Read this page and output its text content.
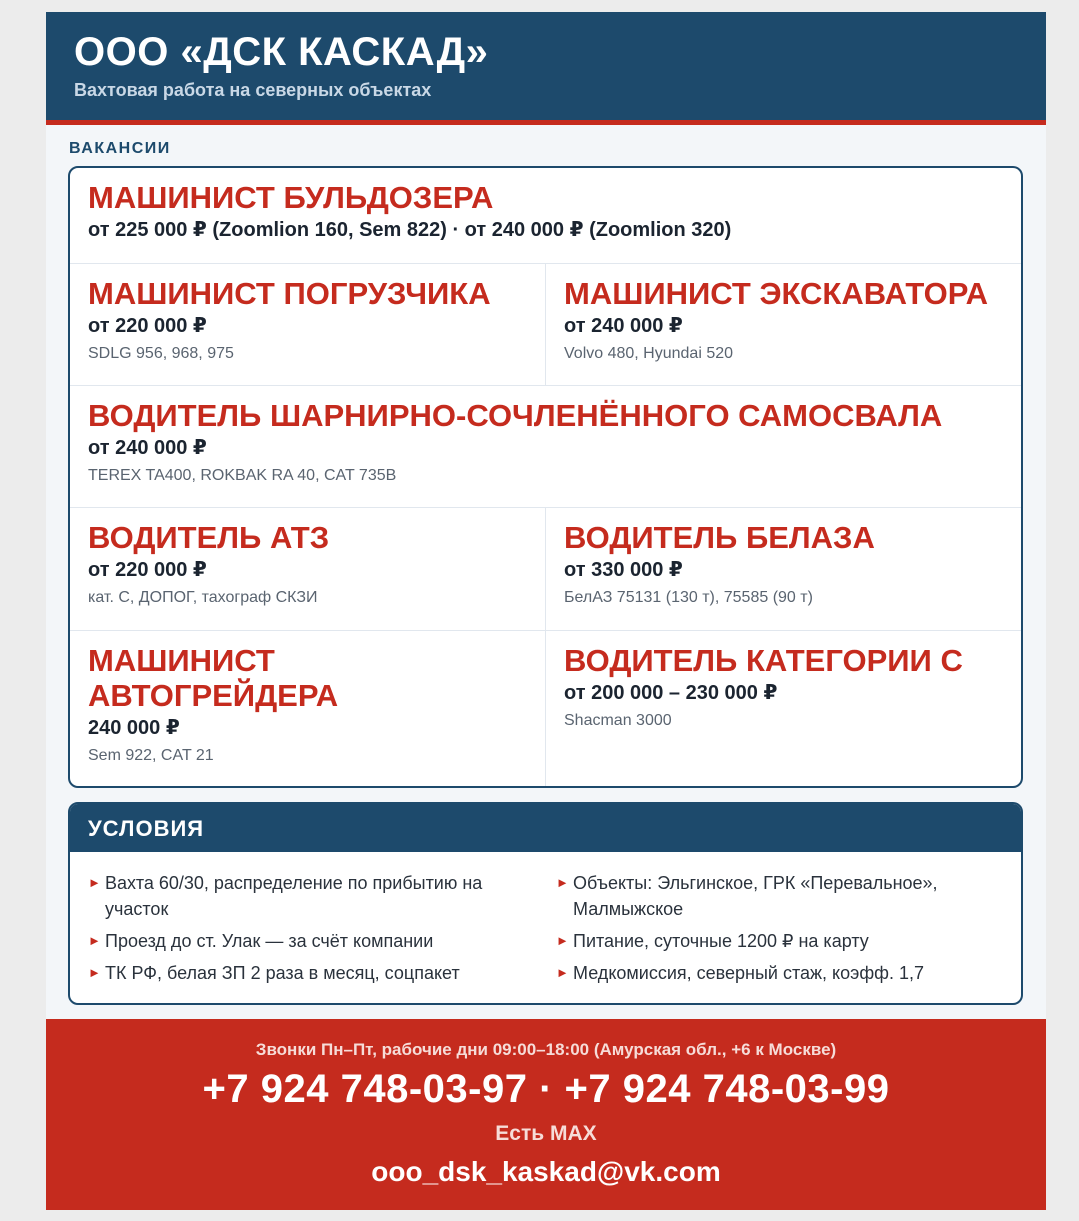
ООО «ДСК КАСКАД»
Вахтовая работа на северных объектах
ВАКАНСИИ
МАШИНИСТ БУЛЬДОЗЕРА
от 225 000 ₽ (Zoomlion 160, Sem 822) · от 240 000 ₽ (Zoomlion 320)
МАШИНИСТ ПОГРУЗЧИКА
от 220 000 ₽
SDLG 956, 968, 975
МАШИНИСТ ЭКСКАВАТОРА
от 240 000 ₽
Volvo 480, Hyundai 520
ВОДИТЕЛЬ ШАРНИРНО-СОЧЛЕНЁННОГО САМОСВАЛА
от 240 000 ₽
TEREX TA400, ROKBAK RA 40, CAT 735B
ВОДИТЕЛЬ АТЗ
от 220 000 ₽
кат. C, ДОПОГ, тахограф СКЗИ
ВОДИТЕЛЬ БЕЛАЗА
от 330 000 ₽
БелАЗ 75131 (130 т), 75585 (90 т)
МАШИНИСТ АВТОГРЕЙДЕРА
240 000 ₽
Sem 922, CAT 21
ВОДИТЕЛЬ КАТЕГОРИИ С
от 200 000 – 230 000 ₽
Shacman 3000
УСЛОВИЯ
► Вахта 60/30, распределение по прибытию на участок
► Проезд до ст. Улак — за счёт компании
► ТК РФ, белая ЗП 2 раза в месяц, соцпакет
► Объекты: Эльгинское, ГРК «Перевальное», Малмыжское
► Питание, суточные 1200 ₽ на карту
► Медкомиссия, северный стаж, коэфф. 1,7
Звонки Пн–Пт, рабочие дни 09:00–18:00 (Амурская обл., +6 к Москве)
+7 924 748-03-97 · +7 924 748-03-99
Есть MAX
ooo_dsk_kaskad@vk.com
